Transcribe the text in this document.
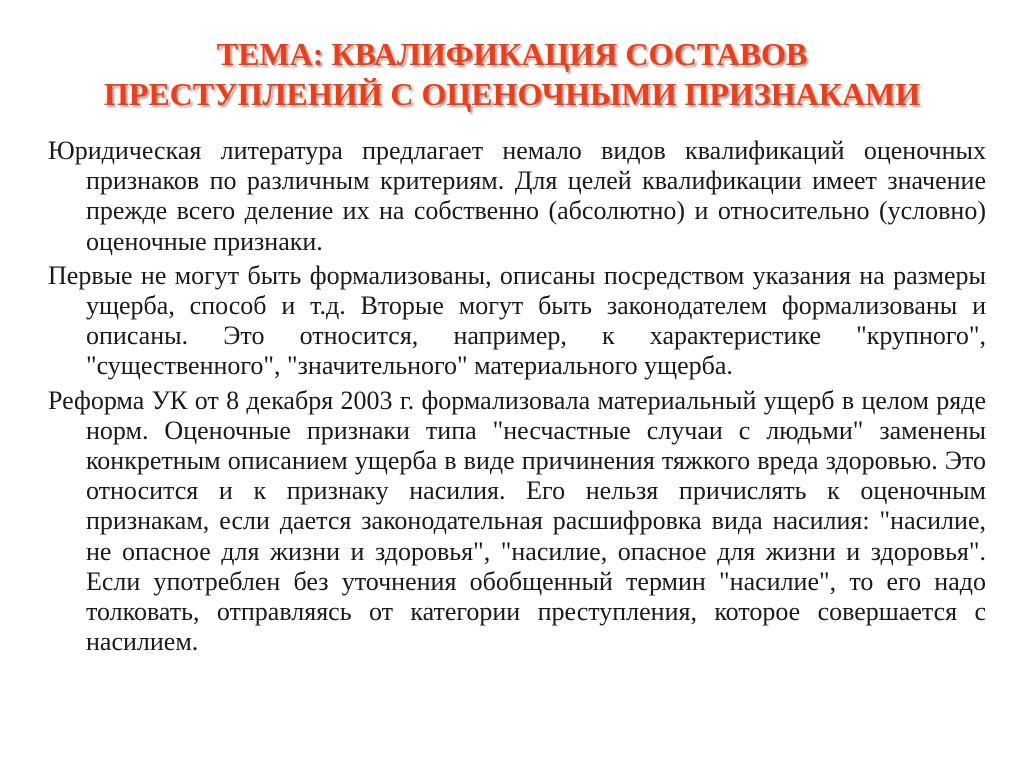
ТЕМА: КВАЛИФИКАЦИЯ СОСТАВОВ
ПРЕСТУПЛЕНИЙ С ОЦЕНОЧНЫМИ ПРИЗНАКАМИ

Юридическая литература предлагает немало видов квалификаций оценочных признаков по различным критериям. Для целей квалификации имеет значение прежде всего деление их на собственно (абсолютно) и относительно (условно) оценочные признаки.

Первые не могут быть формализованы, описаны посредством указания на размеры ущерба, способ и т.д. Вторые могут быть законодателем формализованы и описаны. Это относится, например, к характеристике "крупного", "существенного", "значительного" материального ущерба.

Реформа УК от 8 декабря 2003 г. формализовала материальный ущерб в целом ряде норм. Оценочные признаки типа "несчастные случаи с людьми" заменены конкретным описанием ущерба в виде причинения тяжкого вреда здоровью. Это относится и к признаку насилия. Его нельзя причислять к оценочным признакам, если дается законодательная расшифровка вида насилия: "насилие, не опасное для жизни и здоровья", "насилие, опасное для жизни и здоровья". Если употреблен без уточнения обобщенный термин "насилие", то его надо толковать, отправляясь от категории преступления, которое совершается с насилием.
